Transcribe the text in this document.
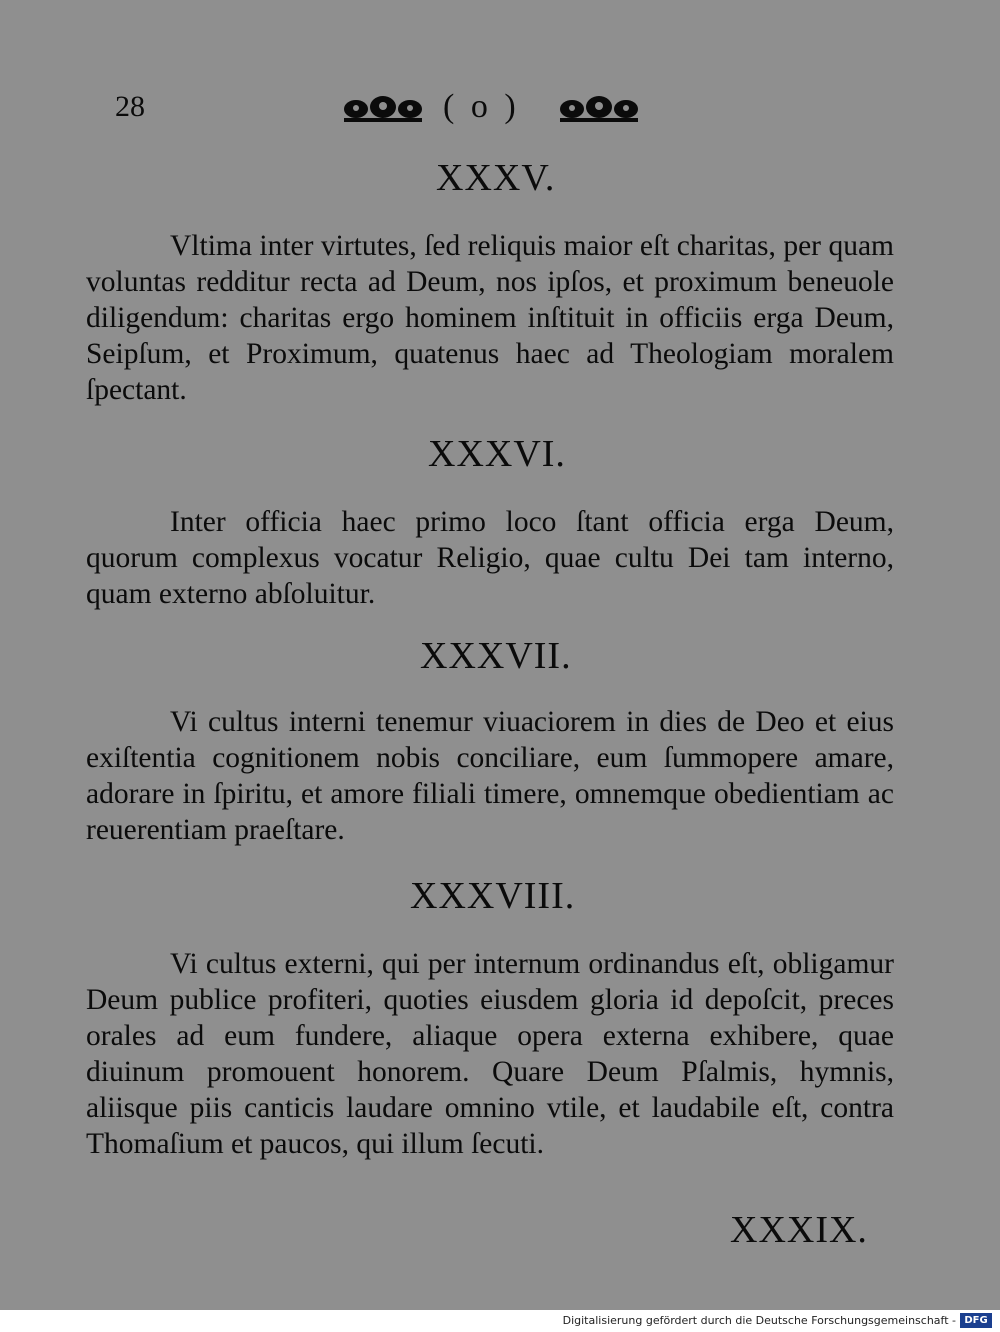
28	( o )
XXXV.
Vltima inter virtutes, ſed reliquis maior eſt charitas, per quam voluntas redditur recta ad Deum, nos ipſos, et proximum beneuole diligendum: charitas ergo hominem inſtituit in officiis erga Deum, Seipſum, et Proximum, quatenus haec ad Theologiam moralem ſpectant.
XXXVI.
Inter officia haec primo loco ſtant officia erga Deum, quorum complexus vocatur Religio, quae cultu Dei tam interno, quam externo abſoluitur.
XXXVII.
Vi cultus interni tenemur viuaciorem in dies de Deo et eius exiſtentia cognitionem nobis conciliare, eum ſummopere amare, adorare in ſpiritu, et amore filiali timere, omnemque obedientiam ac reuerentiam praeſtare.
XXXVIII.
Vi cultus externi, qui per internum ordinandus eſt, obligamur Deum publice profiteri, quoties eiusdem gloria id depoſcit, preces orales ad eum fundere, aliaque opera externa exhibere, quae diuinum promouent honorem. Quare Deum Pſalmis, hymnis, aliisque piis canticis laudare omnino vtile, et laudabile eſt, contra Thomaſium et paucos, qui illum ſecuti.
XXXIX.
Digitalisierung gefördert durch die Deutsche Forschungsgemeinschaft - DFG
